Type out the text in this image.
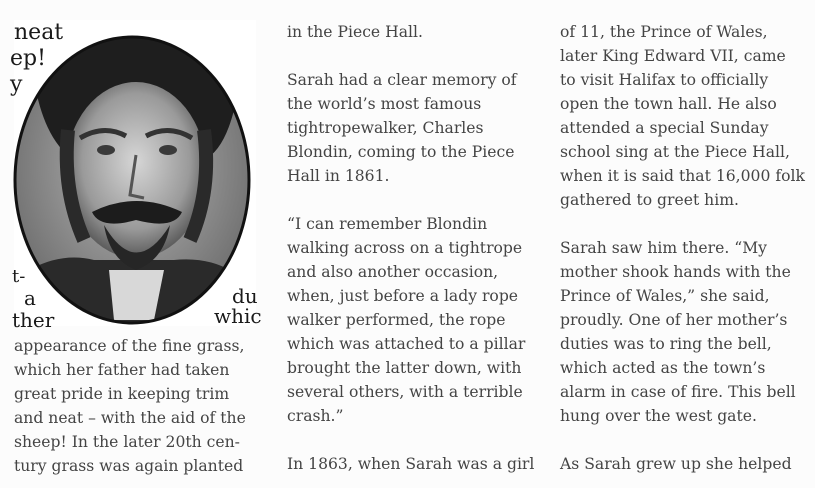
neat
ep!
y
t-
a
ther
du
whic
appearance of the fine grass,
which her father had taken
great pride in keeping trim
and neat – with the aid of the
sheep! In the later 20th cen-
tury grass was again planted

in the Piece Hall.

Sarah had a clear memory of the world’s most famous tightropewalker, Charles Blondin, coming to the Piece Hall in 1861.

“I can remember Blondin walking across on a tightrope and also another occasion, when, just before a lady rope walker performed, the rope which was attached to a pillar brought the latter down, with several others, with a terrible crash.”

In 1863, when Sarah was a girl

of 11, the Prince of Wales, later King Edward VII, came to visit Halifax to officially open the town hall. He also attended a special Sunday school sing at the Piece Hall, when it is said that 16,000 folk gathered to greet him.

Sarah saw him there. “My mother shook hands with the Prince of Wales,” she said, proudly. One of her mother’s duties was to ring the bell, which acted as the town’s alarm in case of fire. This bell hung over the west gate.

As Sarah grew up she helped
